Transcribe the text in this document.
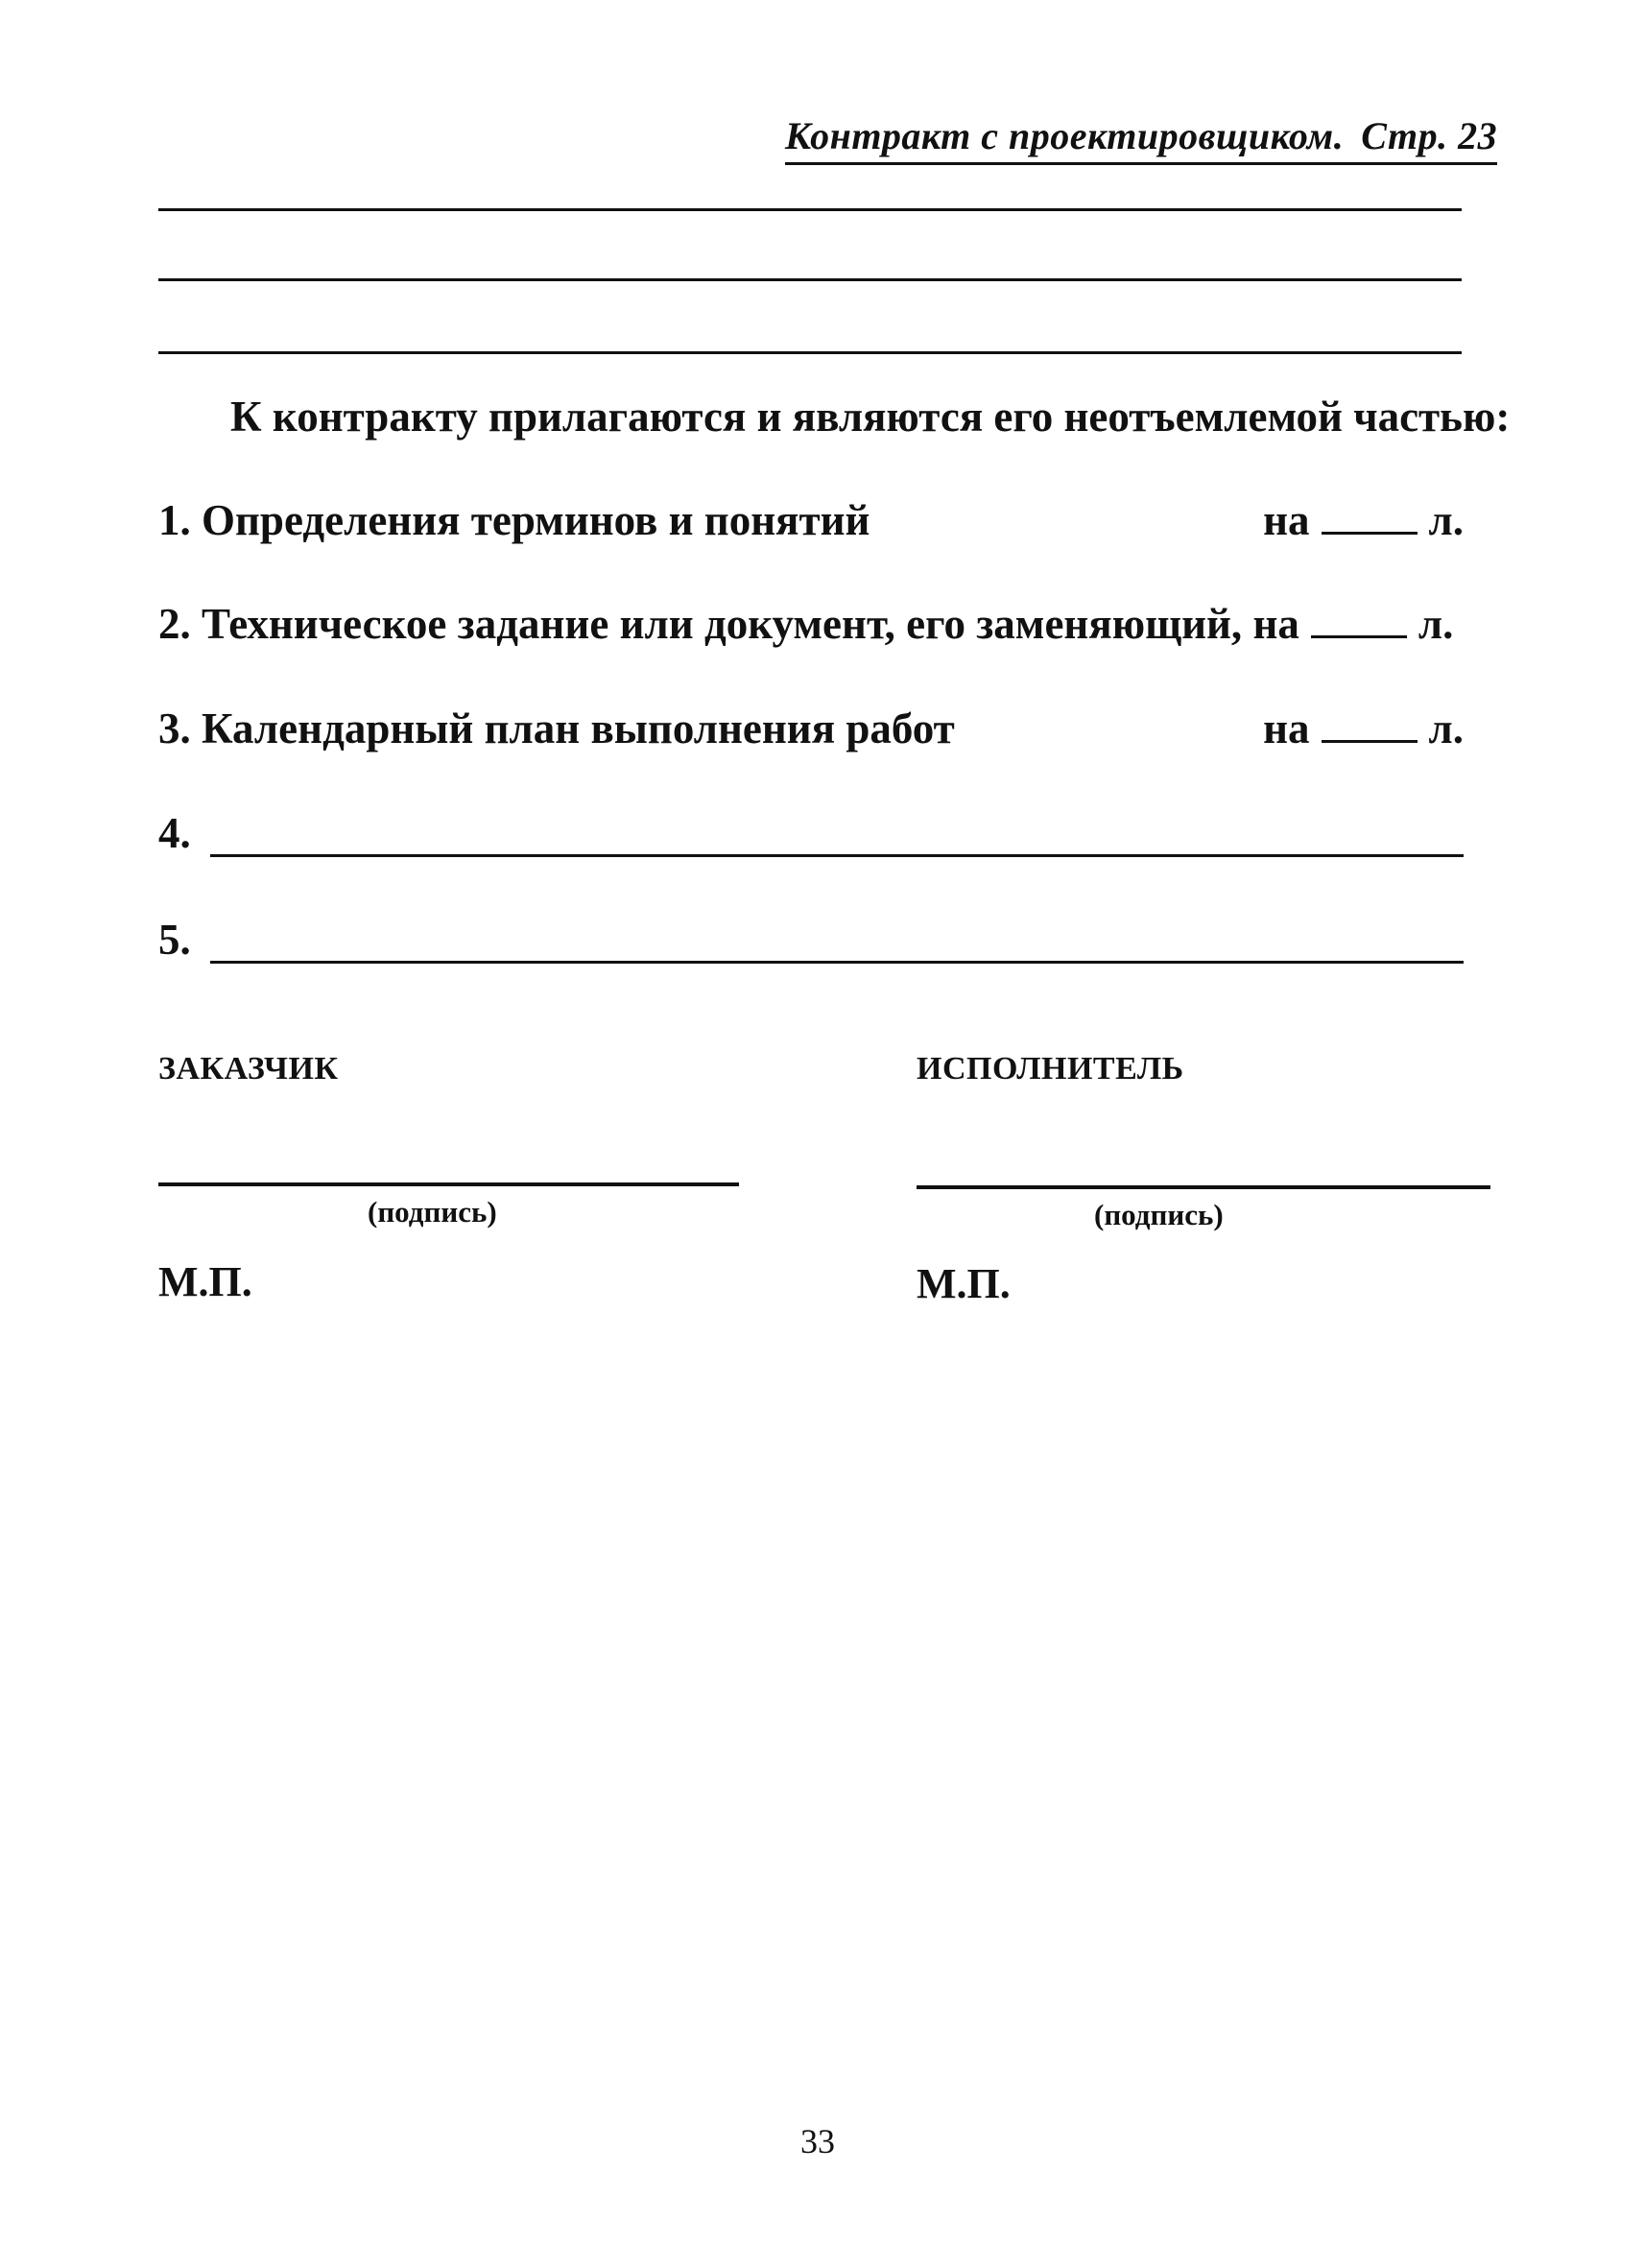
Контракт с проектировщиком. Стр. 23
К контракту прилагаются и являются его неотъемлемой частью:
1. Определения терминов и понятий	на	л.
2. Техническое задание или документ, его заменяющий, на	л.
3. Календарный план выполнения работ	на	л.
4.
5.
ЗАКАЗЧИК
(подпись)
М.П.
ИСПОЛНИТЕЛЬ
(подпись)
М.П.
33
